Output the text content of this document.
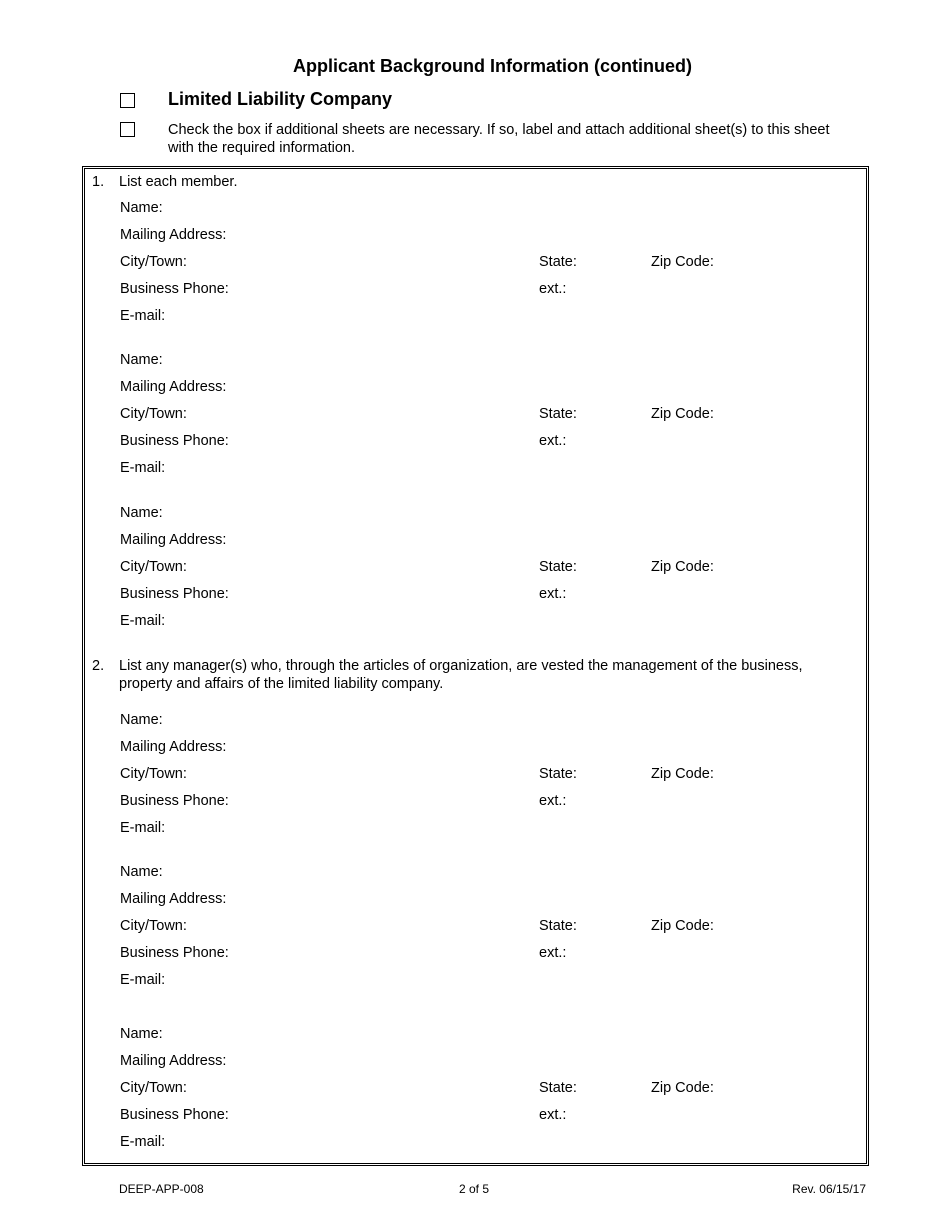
Applicant Background Information (continued)
Limited Liability Company
Check the box if additional sheets are necessary. If so, label and attach additional sheet(s) to this sheet with the required information.
1. List each member.
2. List any manager(s) who, through the articles of organization, are vested the management of the business, property and affairs of the limited liability company.
Name:
Mailing Address:
City/Town:	State:	Zip Code:
Business Phone:	ext.:
E-mail:
Name:
Mailing Address:
City/Town:	State:	Zip Code:
Business Phone:	ext.:
E-mail:
Name:
Mailing Address:
City/Town:	State:	Zip Code:
Business Phone:	ext.:
E-mail:
Name:
Mailing Address:
City/Town:	State:	Zip Code:
Business Phone:	ext.:
E-mail:
Name:
Mailing Address:
City/Town:	State:	Zip Code:
Business Phone:	ext.:
E-mail:
Name:
Mailing Address:
City/Town:	State:	Zip Code:
Business Phone:	ext.:
E-mail:
DEEP-APP-008	2 of 5	Rev. 06/15/17
